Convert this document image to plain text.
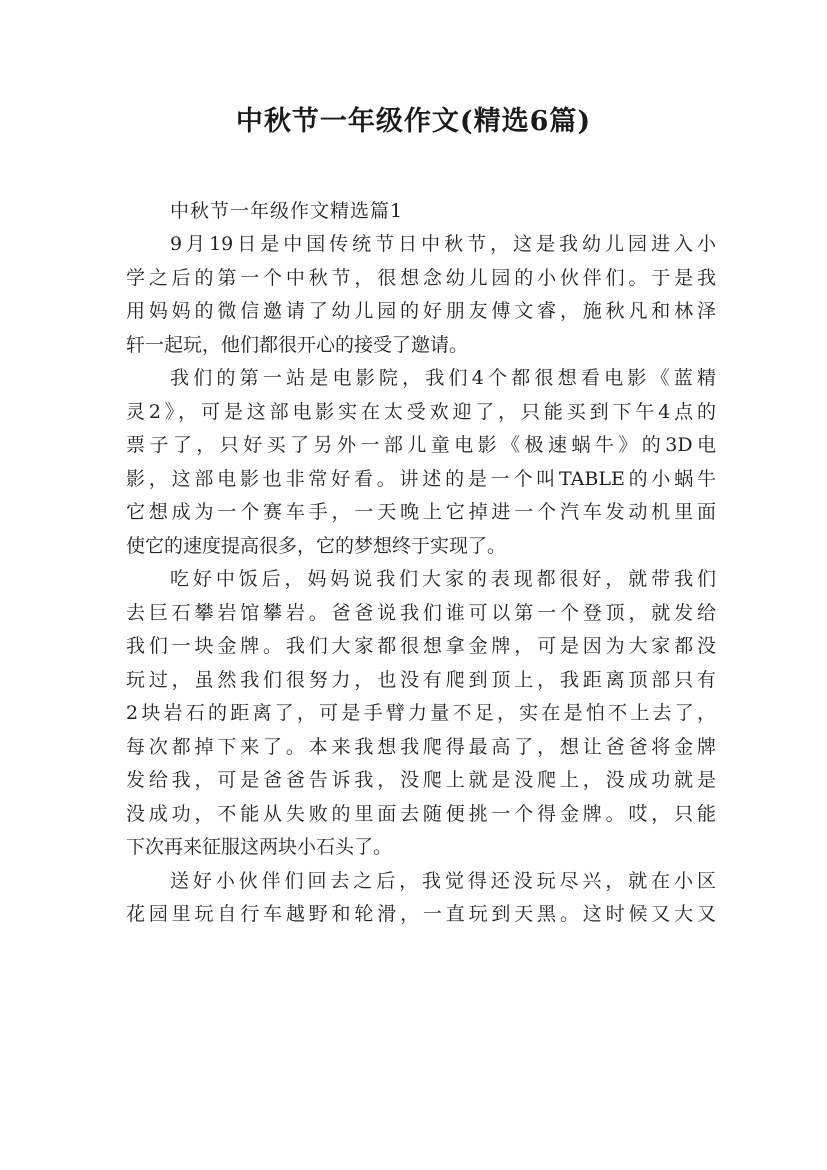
中秋节一年级作文(精选6篇)
中秋节一年级作文精选篇1
9月19日是中国传统节日中秋节，这是我幼儿园进入小
学之后的第一个中秋节，很想念幼儿园的小伙伴们。于是我
用妈妈的微信邀请了幼儿园的好朋友傅文睿，施秋凡和林泽
轩一起玩，他们都很开心的接受了邀请。
我们的第一站是电影院，我们4个都很想看电影《蓝精
灵2》，可是这部电影实在太受欢迎了，只能买到下午4点的
票子了，只好买了另外一部儿童电影《极速蜗牛》的3D电
影，这部电影也非常好看。讲述的是一个叫TABLE的小蜗牛
它想成为一个赛车手，一天晚上它掉进一个汽车发动机里面
使它的速度提高很多，它的梦想终于实现了。
吃好中饭后，妈妈说我们大家的表现都很好，就带我们
去巨石攀岩馆攀岩。爸爸说我们谁可以第一个登顶，就发给
我们一块金牌。我们大家都很想拿金牌，可是因为大家都没
玩过，虽然我们很努力，也没有爬到顶上，我距离顶部只有
2块岩石的距离了，可是手臂力量不足，实在是怕不上去了，
每次都掉下来了。本来我想我爬得最高了，想让爸爸将金牌
发给我，可是爸爸告诉我，没爬上就是没爬上，没成功就是
没成功，不能从失败的里面去随便挑一个得金牌。哎，只能
下次再来征服这两块小石头了。
送好小伙伴们回去之后，我觉得还没玩尽兴，就在小区
花园里玩自行车越野和轮滑，一直玩到天黑。这时候又大又
